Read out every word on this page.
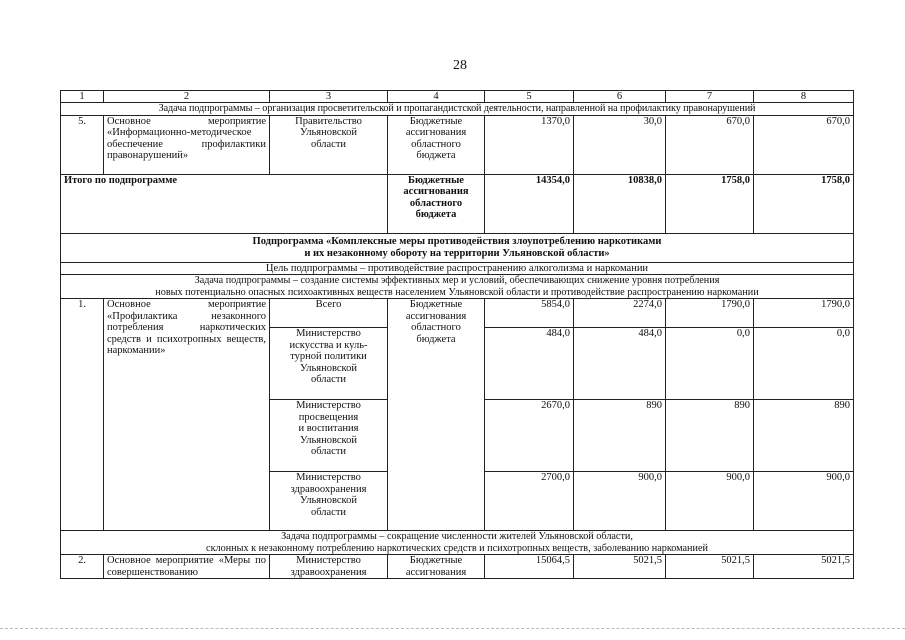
28
1	2	3	4	5	6	7	8
Задача подпрограммы – организация просветительской и пропагандистской деятельности, направленной на профилактику правонарушений							
5.	Основное мероприятие «Информационно-методическое обеспечение профилактики правонарушений»	Правительство
Ульяновской
области	Бюджетные
ассигнования
областного
бюджета	1370,0	30,0	670,0	670,0
Итого по подпрограмме			Бюджетные
ассигнования
областного
бюджета	14354,0	10838,0	1758,0	1758,0
Подпрограмма «Комплексные меры противодействия злоупотреблению наркотиками
и их незаконному обороту на территории Ульяновской области»							
Цель подпрограммы – противодействие распространению алкоголизма и наркомании							
Задача подпрограммы – создание системы эффективных мер и условий, обеспечивающих снижение уровня потребления
новых потенциально опасных психоактивных веществ населением Ульяновской области и противодействие распространению наркомании							
1.	Основное мероприятие «Профилактика незаконного потребления наркотических средств и психотропных веществ, наркомании»	Всего	Бюджетные
ассигнования
областного
бюджета	5854,0	2274,0	1790,0	1790,0
		Министерство
искусства и куль-
турной политики
Ульяновской
области		484,0	484,0	0,0	0,0
		Министерство
просвещения
и воспитания
Ульяновской
области		2670,0	890	890	890
		Министерство
здравоохранения
Ульяновской
области		2700,0	900,0	900,0	900,0
Задача подпрограммы – сокращение численности жителей Ульяновской области,
склонных к незаконному потреблению наркотических средств и психотропных веществ, заболеванию наркоманией							
2.	Основное мероприятие «Меры по совершенствованию	Министерство
здравоохранения	Бюджетные
ассигнования	15064,5	5021,5	5021,5	5021,5
